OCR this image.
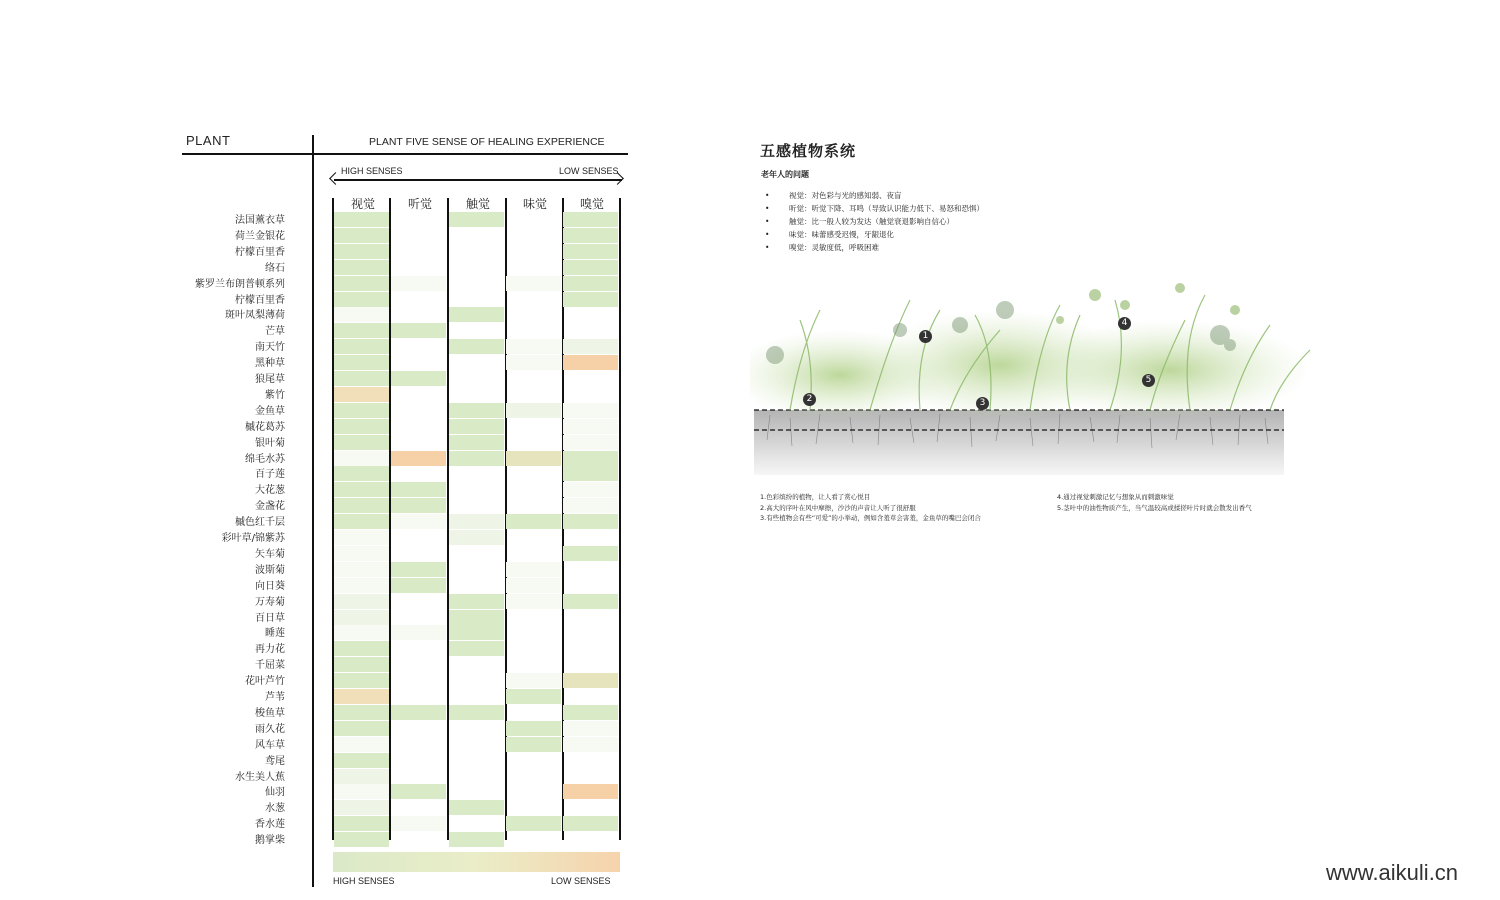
PLANT	PLANT FIVE SENSE OF HEALING EXPERIENCE
HIGH SENSES	LOW SENSES
视觉	听觉	触觉	味觉	嗅觉
法国薰衣草
荷兰金银花
柠檬百里香
络石
紫罗兰布朗普顿系列
柠檬百里香
斑叶凤梨薄荷
芒草
南天竹
黑种草
狼尾草
紫竹
金鱼草
槭花葛苏
银叶菊
绵毛水苏
百子莲
大花葱
金盏花
槭色红千层
彩叶草/锦紫苏
矢车菊
波斯菊
向日葵
万寿菊
百日草
睡莲
再力花
千屈菜
花叶芦竹
芦苇
梭鱼草
雨久花
风车草
鸢尾
水生美人蕉
仙羽
水葱
香水莲
鹅掌柴
HIGH SENSES	LOW SENSES
五感植物系统
老年人的问题
•	视觉：对色彩与光的感知弱、夜盲
•	听觉：听觉下降、耳鸣（导致认识能力低下、易怒和恐惧）
•	触觉：比一般人较为发达（触觉衰退影响自信心）
•	味觉：味蕾感受迟慢，牙龈退化
•	嗅觉：灵敏度低，呼吸困难
1
2	3
4
5
1.色彩缤纷的植物，让人看了赏心悦目
2.高大的序叶在风中摩擦，沙沙的声音让人听了很舒服
3.有些植物会有些“可爱”的小举动，例如含羞草会害羞，金鱼草的嘴巴会闭合
4.通过视觉刺激记忆与想象从而刺激味觉
5.茎叶中的油性物质产生，当气温较高或揉搓叶片时就会散发出香气
www.aikuli.cn
